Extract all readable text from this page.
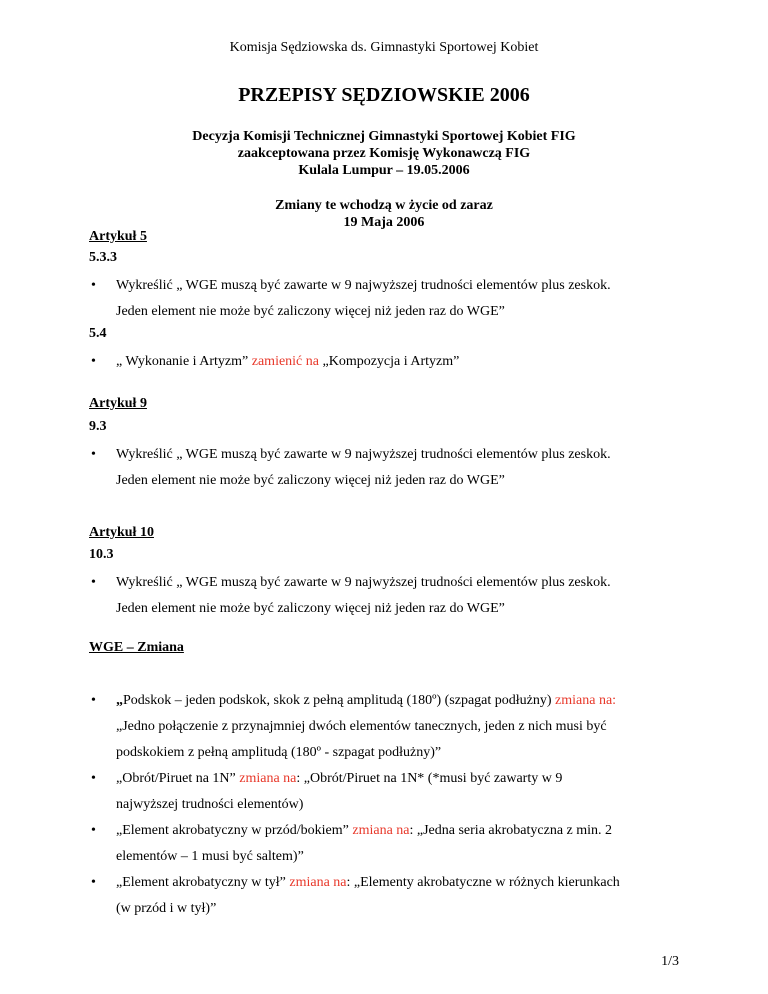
Komisja Sędziowska ds. Gimnastyki Sportowej Kobiet
PRZEPISY SĘDZIOWSKIE 2006
Decyzja Komisji Technicznej Gimnastyki Sportowej Kobiet FIG
zaakceptowana przez Komisję Wykonawczą FIG
Kulala Lumpur – 19.05.2006
Zmiany te wchodzą w życie od zaraz
19 Maja 2006
Artykuł 5
5.3.3
• Wykreślić „ WGE muszą być zawarte w 9 najwyższej trudności elementów plus zeskok.
Jeden element nie może być zaliczony więcej niż jeden raz do WGE”
5.4
• „ Wykonanie i Artyzm” zamienić na „Kompozycja i Artyzm”
Artykuł 9
9.3
• Wykreślić „ WGE muszą być zawarte w 9 najwyższej trudności elementów plus zeskok.
Jeden element nie może być zaliczony więcej niż jeden raz do WGE”
Artykuł 10
10.3
• Wykreślić „ WGE muszą być zawarte w 9 najwyższej trudności elementów plus zeskok.
Jeden element nie może być zaliczony więcej niż jeden raz do WGE”
WGE – Zmiana
• „Podskok – jeden podskok, skok z pełną amplitudą (180º) (szpagat podłużny) zmiana na:
„Jedno połączenie z przynajmniej dwóch elementów tanecznych, jeden z nich musi być
podskokiem z pełną amplitudą (180º - szpagat podłużny)”
• „Obrót/Piruet na 1N” zmiana na: „Obrót/Piruet na 1N* (*musi być zawarty w 9
najwyższej trudności elementów)
• „Element akrobatyczny w przód/bokiem” zmiana na: „Jedna seria akrobatyczna z min. 2
elementów – 1 musi być saltem)”
• „Element akrobatyczny w tył” zmiana na: „Elementy akrobatyczne w różnych kierunkach
(w przód i w tył)”
1/3
